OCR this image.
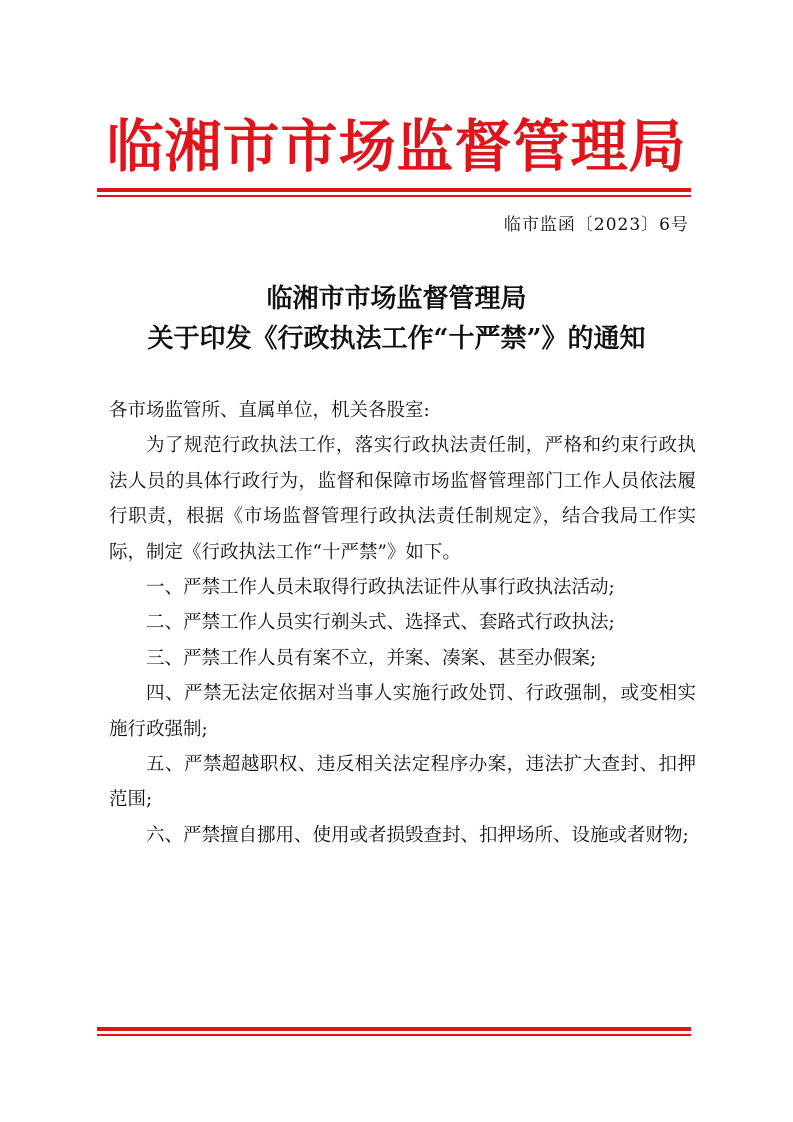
临湘市市场监督管理局
临市监函〔2023〕6号
临湘市市场监督管理局
关于印发《行政执法工作“十严禁”》的通知

各市场监管所、直属单位，机关各股室:

为了规范行政执法工作，落实行政执法责任制，严格和约束行政执法人员的具体行政行为，监督和保障市场监督管理部门工作人员依法履行职责，根据《市场监督管理行政执法责任制规定》，结合我局工作实际，制定《行政执法工作“十严禁”》如下。

一、严禁工作人员未取得行政执法证件从事行政执法活动;

二、严禁工作人员实行剃头式、选择式、套路式行政执法;

三、严禁工作人员有案不立，并案、凑案、甚至办假案;

四、严禁无法定依据对当事人实施行政处罚、行政强制，或变相实施行政强制;

五、严禁超越职权、违反相关法定程序办案，违法扩大查封、扣押范围;

六、严禁擅自挪用、使用或者损毁查封、扣押场所、设施或者财物;
